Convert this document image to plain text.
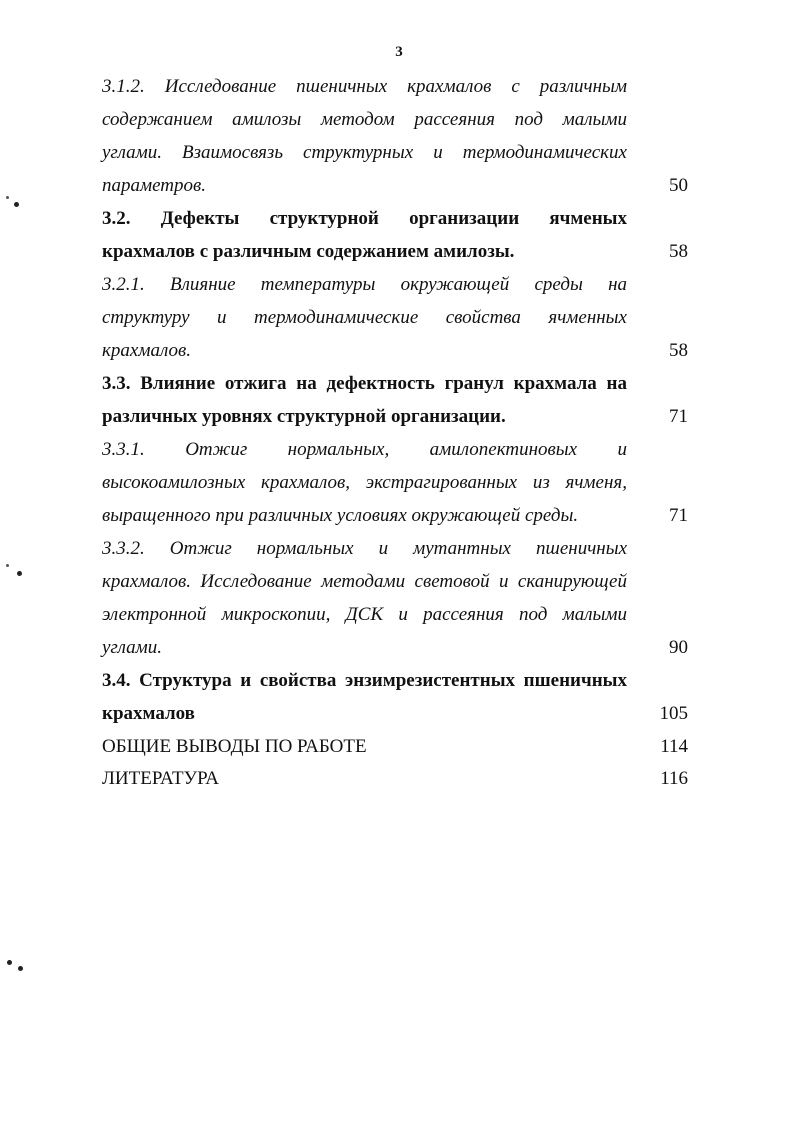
3
3.1.2. Исследование пшеничных крахмалов с различным
содержанием амилозы методом рассеяния под малыми
углами. Взаимосвязь структурных и термодинамических
параметров.	50
3.2. Дефекты структурной организации ячменых
крахмалов с различным содержанием амилозы.	58
3.2.1. Влияние температуры окружающей среды на
структуру и термодинамические свойства ячменных
крахмалов.	58
3.3. Влияние отжига на дефектность гранул крахмала на
различных уровнях структурной организации.	71
3.3.1. Отжиг нормальных, амилопектиновых и
высокоамилозных крахмалов, экстрагированных из ячменя,
выращенного при различных условиях окружающей среды.	71
3.3.2. Отжиг нормальных и мутантных пшеничных
крахмалов. Исследование методами световой и сканирующей
электронной микроскопии, ДСК и рассеяния под малыми
углами.	90
3.4. Структура и свойства энзимрезистентных пшеничных
крахмалов	105
ОБЩИЕ ВЫВОДЫ ПО РАБОТЕ	114
ЛИТЕРАТУРА	116
